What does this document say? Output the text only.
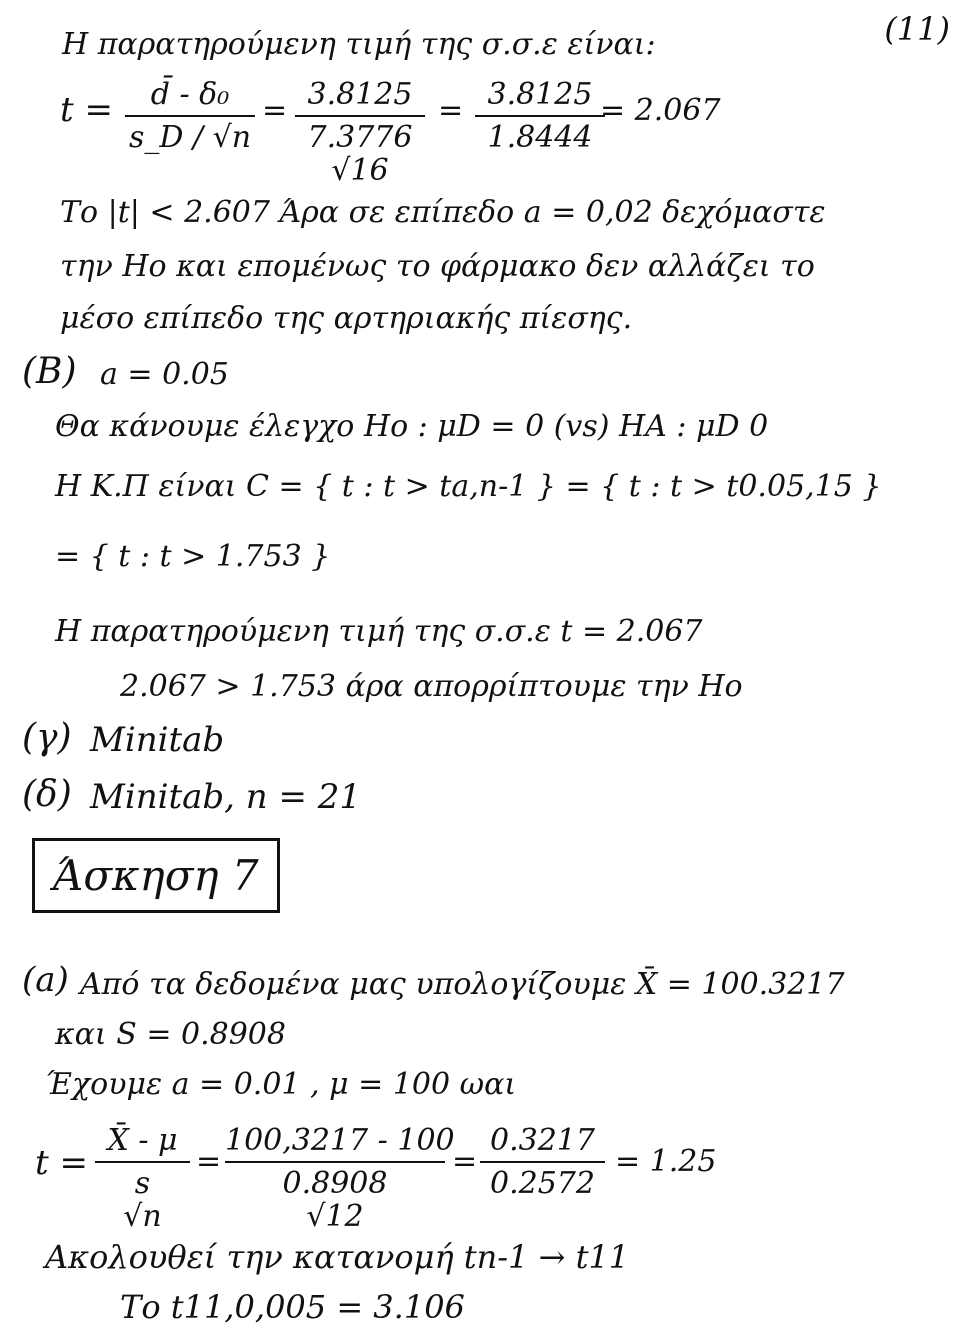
(11)
Η παρατηρούμενη τιμή της σ.σ.ε είναι:
t =	d̄ - δ₀
s_D / √n
= 3.8125
7.3776
√16
= 3.8125
1.8444
= 2.067
Το |t| < 2.607 Άρα σε επίπεδο a = 0,02 δεχόμαστε
την Ho και επομένως το φάρμακο δεν αλλάζει το
μέσο επίπεδο της αρτηριακής πίεσης.
(B) a = 0.05
Θα κάνουμε έλεγχο Ho : μD = 0 (vs) HA : μD 0
Η Κ.Π είναι C = { t : t > ta,n-1 } = { t : t > t0.05,15 }
= { t : t > 1.753 }
Η παρατηρούμενη τιμή της σ.σ.ε t = 2.067
2.067 > 1.753 άρα απορρίπτουμε την Ho
(γ) Minitab
(δ) Minitab, n = 21
Άσκηση 7
(a) Από τα δεδομένα μας υπολογίζουμε X̄ = 100.3217
και S = 0.8908
Έχουμε a = 0.01 , μ = 100 ωαι
t =
X̄ - μ
s
√n
=
100,3217 - 100
0.8908
√12
=
0.3217
0.2572
= 1.25
Ακολουθεί την κατανομή tn-1 → t11
Το t11,0,005 = 3.106
